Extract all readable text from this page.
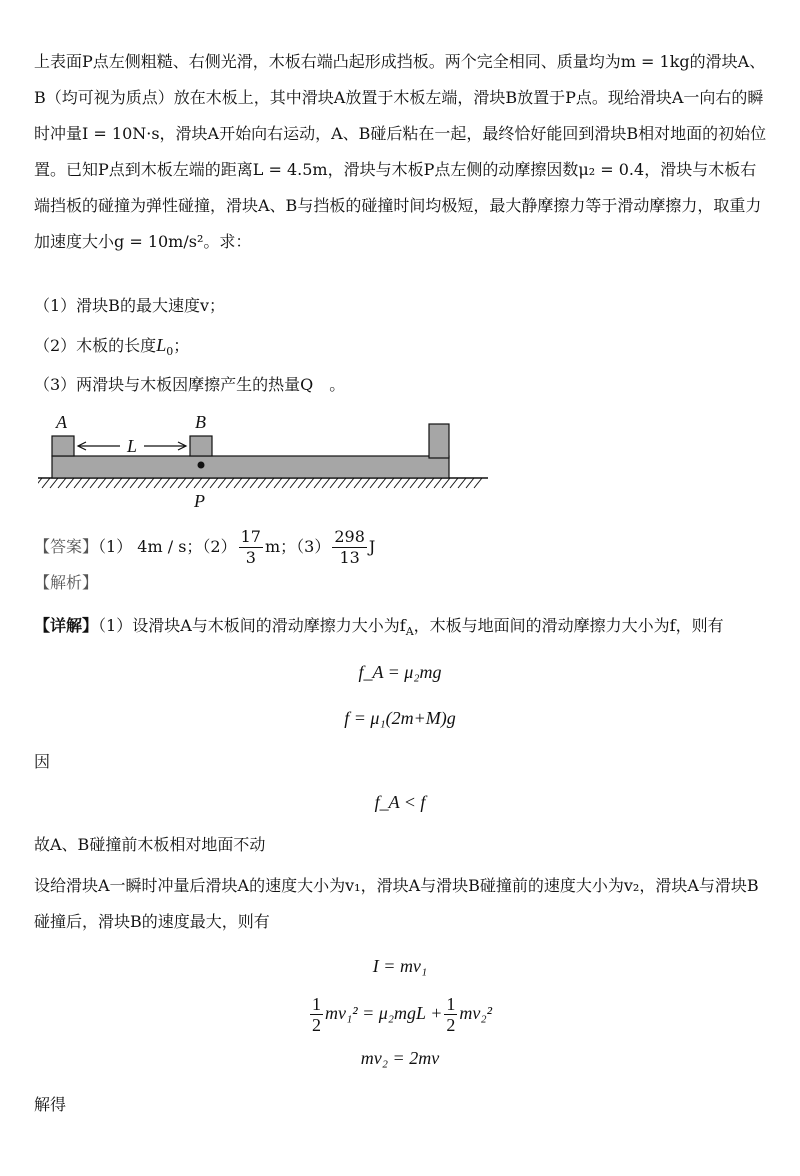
上表面P点左侧粗糙、右侧光滑，木板右端凸起形成挡板。两个完全相同、质量均为m = 1kg的滑块A、B（均可视为质点）放在木板上，其中滑块A放置于木板左端，滑块B放置于P点。现给滑块A一向右的瞬时冲量I = 10N·s，滑块A开始向右运动，A、B碰后粘在一起，最终恰好能回到滑块B相对地面的初始位置。已知P点到木板左端的距离L = 4.5m，滑块与木板P点左侧的动摩擦因数μ₂ = 0.4，滑块与木板右端挡板的碰撞为弹性碰撞，滑块A、B与挡板的碰撞时间均极短，最大静摩擦力等于滑动摩擦力，取重力加速度大小g = 10m/s²。求：

（1）滑块B的最大速度v；
（2）木板的长度$L_0$；
（3）两滑块与木板因摩擦产生的热量Q　。
A	B
L
P
【答案】（1） 4m / s；$(2) \frac{17}{3}$ m；$(3) \frac{298}{13}$ J
【解析】
【详解】（1）设滑块A与木板间的滑动摩擦力大小为$f_A$，木板与地面间的滑动摩擦力大小为f，则有
f_A = μ₂mg
f = μ₁(2m+M)g
因
f_A < f
故A、B碰撞前木板相对地面不动

设给滑块A一瞬时冲量后滑块A的速度大小为v₁，滑块A与滑块B碰撞前的速度大小为v₂，滑块A与滑块B碰撞后，滑块B的速度最大，则有

I = mv₁
$\frac{1}{2} mv_1^2 = \mu_2mgL + \frac{1}{2} mv_2^2$
mv₂ = 2mv
解得
